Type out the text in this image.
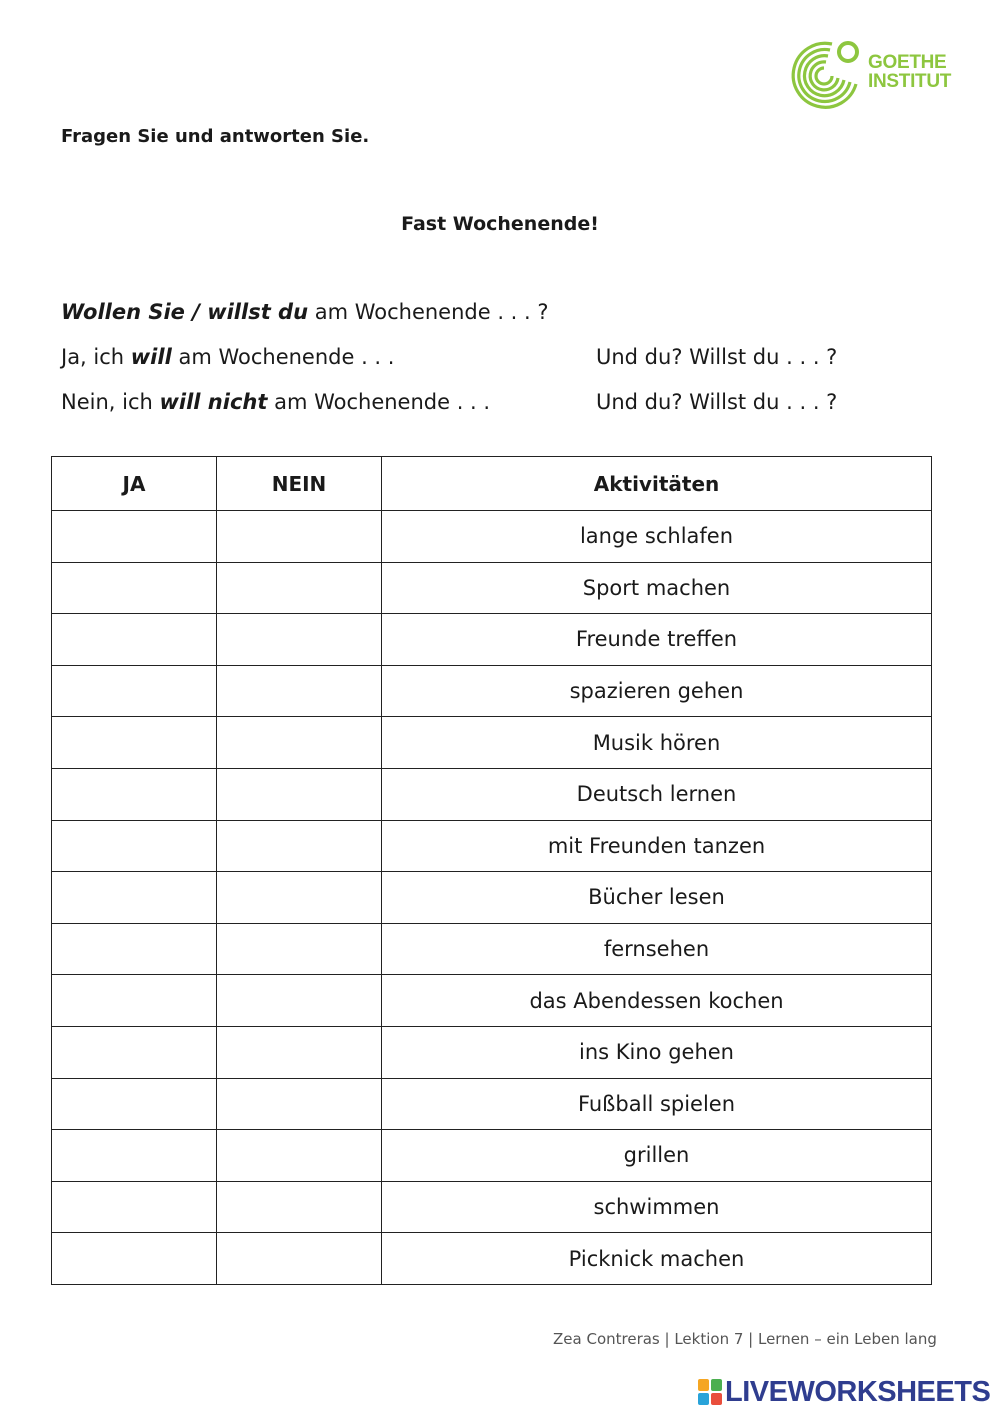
GOETHE
INSTITUT
Fragen Sie und antworten Sie.
Fast Wochenende!
Wollen Sie / willst du am Wochenende . . . ?
Ja, ich will am Wochenende . . .
Nein, ich will nicht am Wochenende . . .
Und du? Willst du . . . ?
Und du? Willst du . . . ?
JA	NEIN	Aktivitäten
		lange schlafen
		Sport machen
		Freunde treffen
		spazieren gehen
		Musik hören
		Deutsch lernen
		mit Freunden tanzen
		Bücher lesen
		fernsehen
		das Abendessen kochen
		ins Kino gehen
		Fußball spielen
		grillen
		schwimmen
		Picknick machen
Zea Contreras | Lektion 7 | Lernen – ein Leben lang
LIVEWORKSHEETS
